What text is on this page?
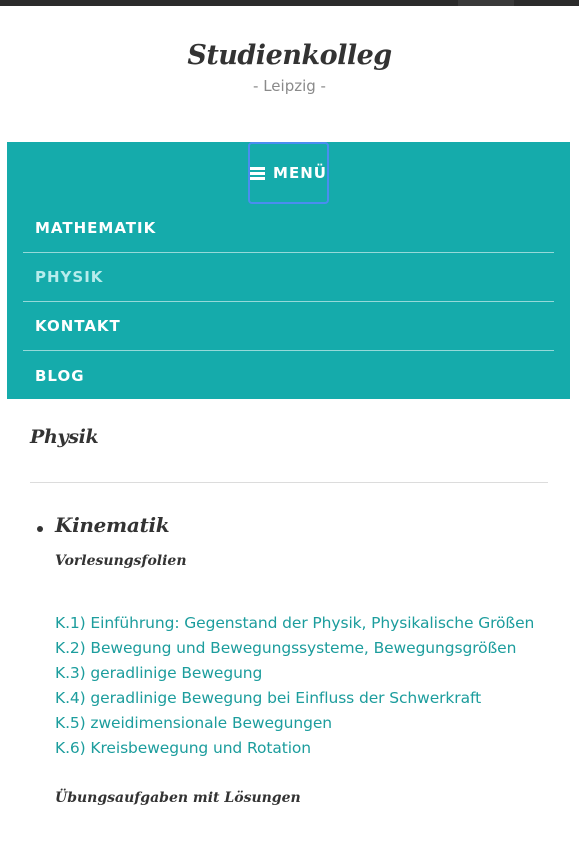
Studienkolleg
- Leipzig -
MENÜ
MATHEMATIK
PHYSIK
KONTAKT
BLOG
Physik
Kinematik
Vorlesungsfolien
K.1) Einführung: Gegenstand der Physik, Physikalische Größen
K.2) Bewegung und Bewegungssysteme, Bewegungsgrößen
K.3) geradlinige Bewegung
K.4) geradlinige Bewegung bei Einfluss der Schwerkraft
K.5) zweidimensionale Bewegungen
K.6) Kreisbewegung und Rotation
Übungsaufgaben mit Lösungen
